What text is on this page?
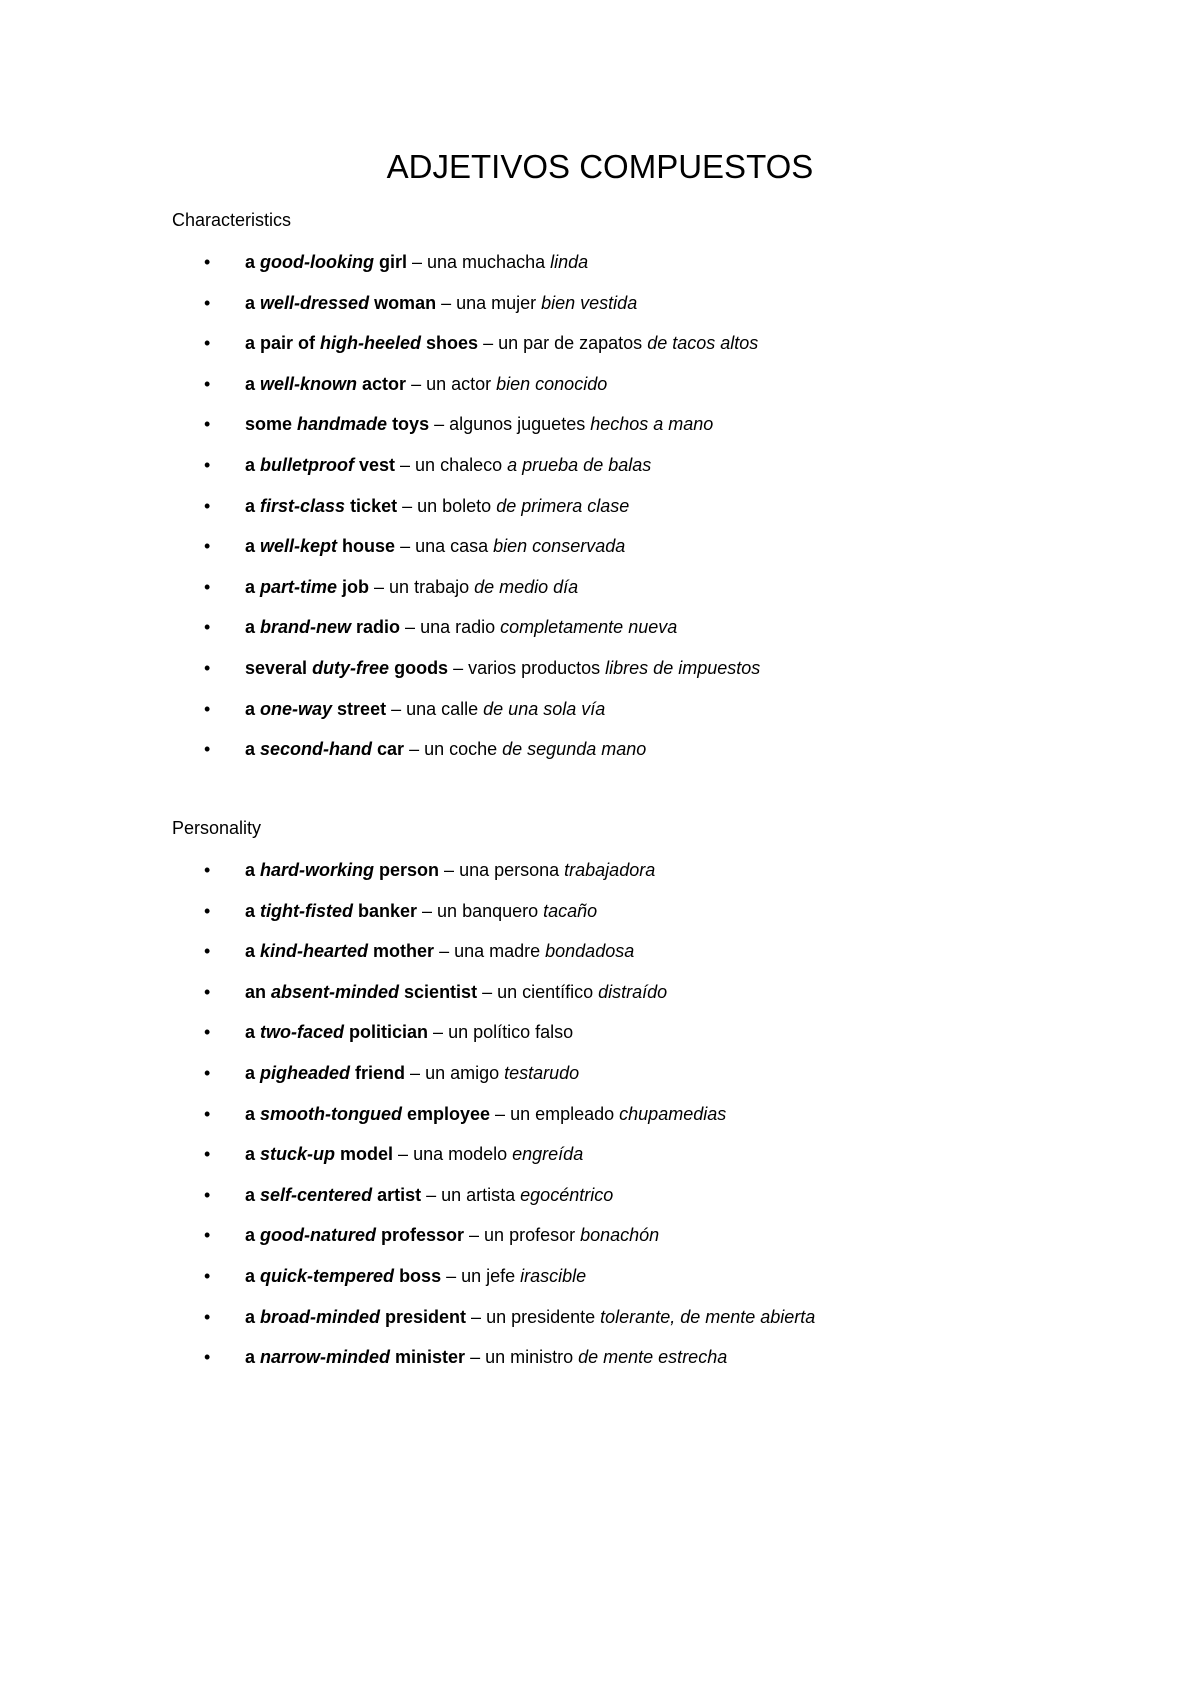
ADJETIVOS COMPUESTOS

Characteristics

• a good-looking girl – una muchacha linda
• a well-dressed woman – una mujer bien vestida
• a pair of high-heeled shoes – un par de zapatos de tacos altos
• a well-known actor – un actor bien conocido
• some handmade toys – algunos juguetes hechos a mano
• a bulletproof vest – un chaleco a prueba de balas
• a first-class ticket – un boleto de primera clase
• a well-kept house – una casa bien conservada
• a part-time job – un trabajo de medio día
• a brand-new radio – una radio completamente nueva
• several duty-free goods – varios productos libres de impuestos
• a one-way street – una calle de una sola vía
• a second-hand car – un coche de segunda mano

Personality

• a hard-working person – una persona trabajadora
• a tight-fisted banker – un banquero tacaño
• a kind-hearted mother – una madre bondadosa
• an absent-minded scientist – un científico distraído
• a two-faced politician – un político falso
• a pigheaded friend – un amigo testarudo
• a smooth-tongued employee – un empleado chupamedias
• a stuck-up model – una modelo engreída
• a self-centered artist – un artista egocéntrico
• a good-natured professor – un profesor bonachón
• a quick-tempered boss – un jefe irascible
• a broad-minded president – un presidente tolerante, de mente abierta
• a narrow-minded minister – un ministro de mente estrecha
